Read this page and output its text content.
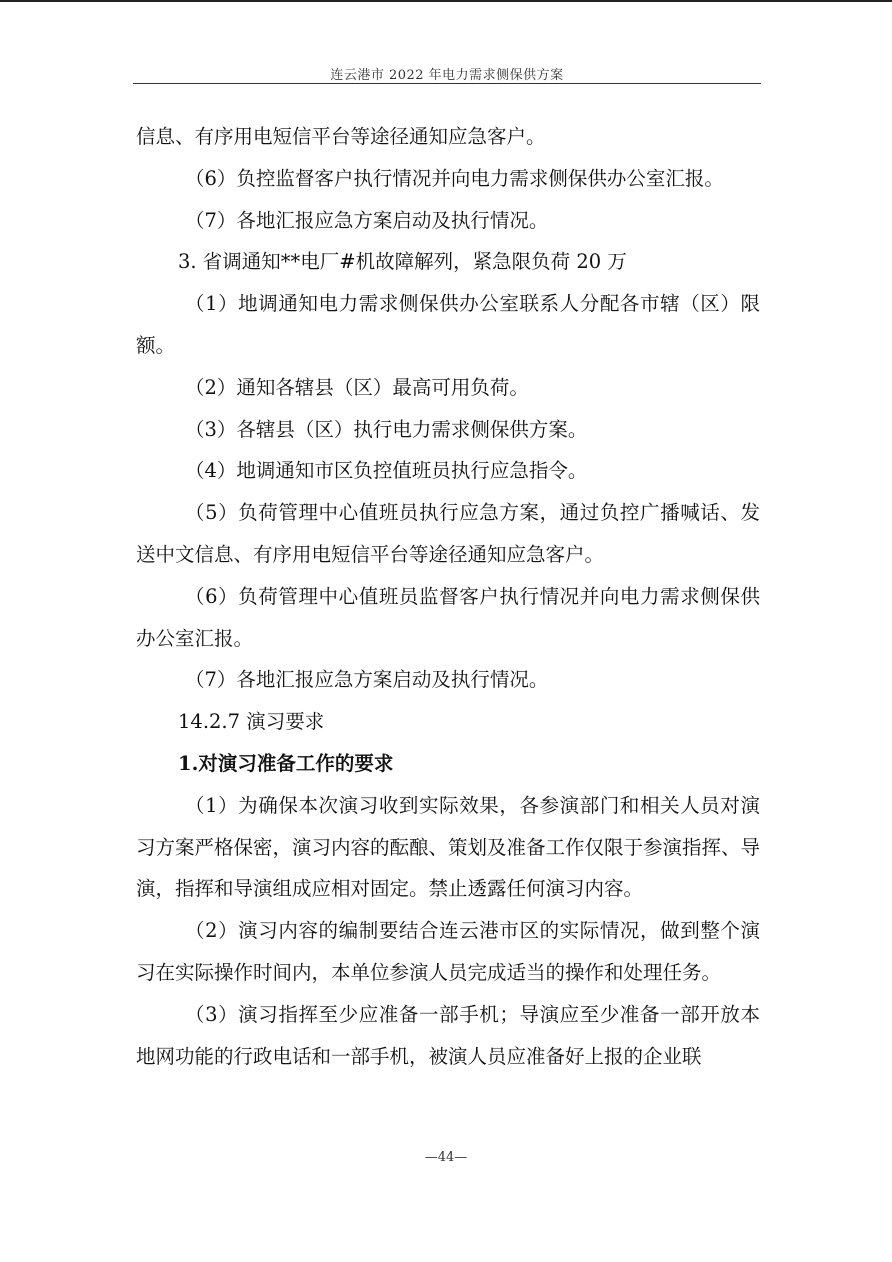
连云港市 2022 年电力需求侧保供方案

信息、有序用电短信平台等途径通知应急客户。

（6）负控监督客户执行情况并向电力需求侧保供办公室汇报。

（7）各地汇报应急方案启动及执行情况。

3. 省调通知**电厂#机故障解列，紧急限负荷 20 万

（1）地调通知电力需求侧保供办公室联系人分配各市辖（区）限额。

（2）通知各辖县（区）最高可用负荷。

（3）各辖县（区）执行电力需求侧保供方案。

（4）地调通知市区负控值班员执行应急指令。

（5）负荷管理中心值班员执行应急方案，通过负控广播喊话、发送中文信息、有序用电短信平台等途径通知应急客户。

（6）负荷管理中心值班员监督客户执行情况并向电力需求侧保供办公室汇报。

（7）各地汇报应急方案启动及执行情况。

14.2.7 演习要求

1.对演习准备工作的要求

（1）为确保本次演习收到实际效果，各参演部门和相关人员对演习方案严格保密，演习内容的酝酿、策划及准备工作仅限于参演指挥、导演，指挥和导演组成应相对固定。禁止透露任何演习内容。

（2）演习内容的编制要结合连云港市区的实际情况，做到整个演习在实际操作时间内，本单位参演人员完成适当的操作和处理任务。

（3）演习指挥至少应准备一部手机；导演应至少准备一部开放本地网功能的行政电话和一部手机，被演人员应准备好上报的企业联

—44—
